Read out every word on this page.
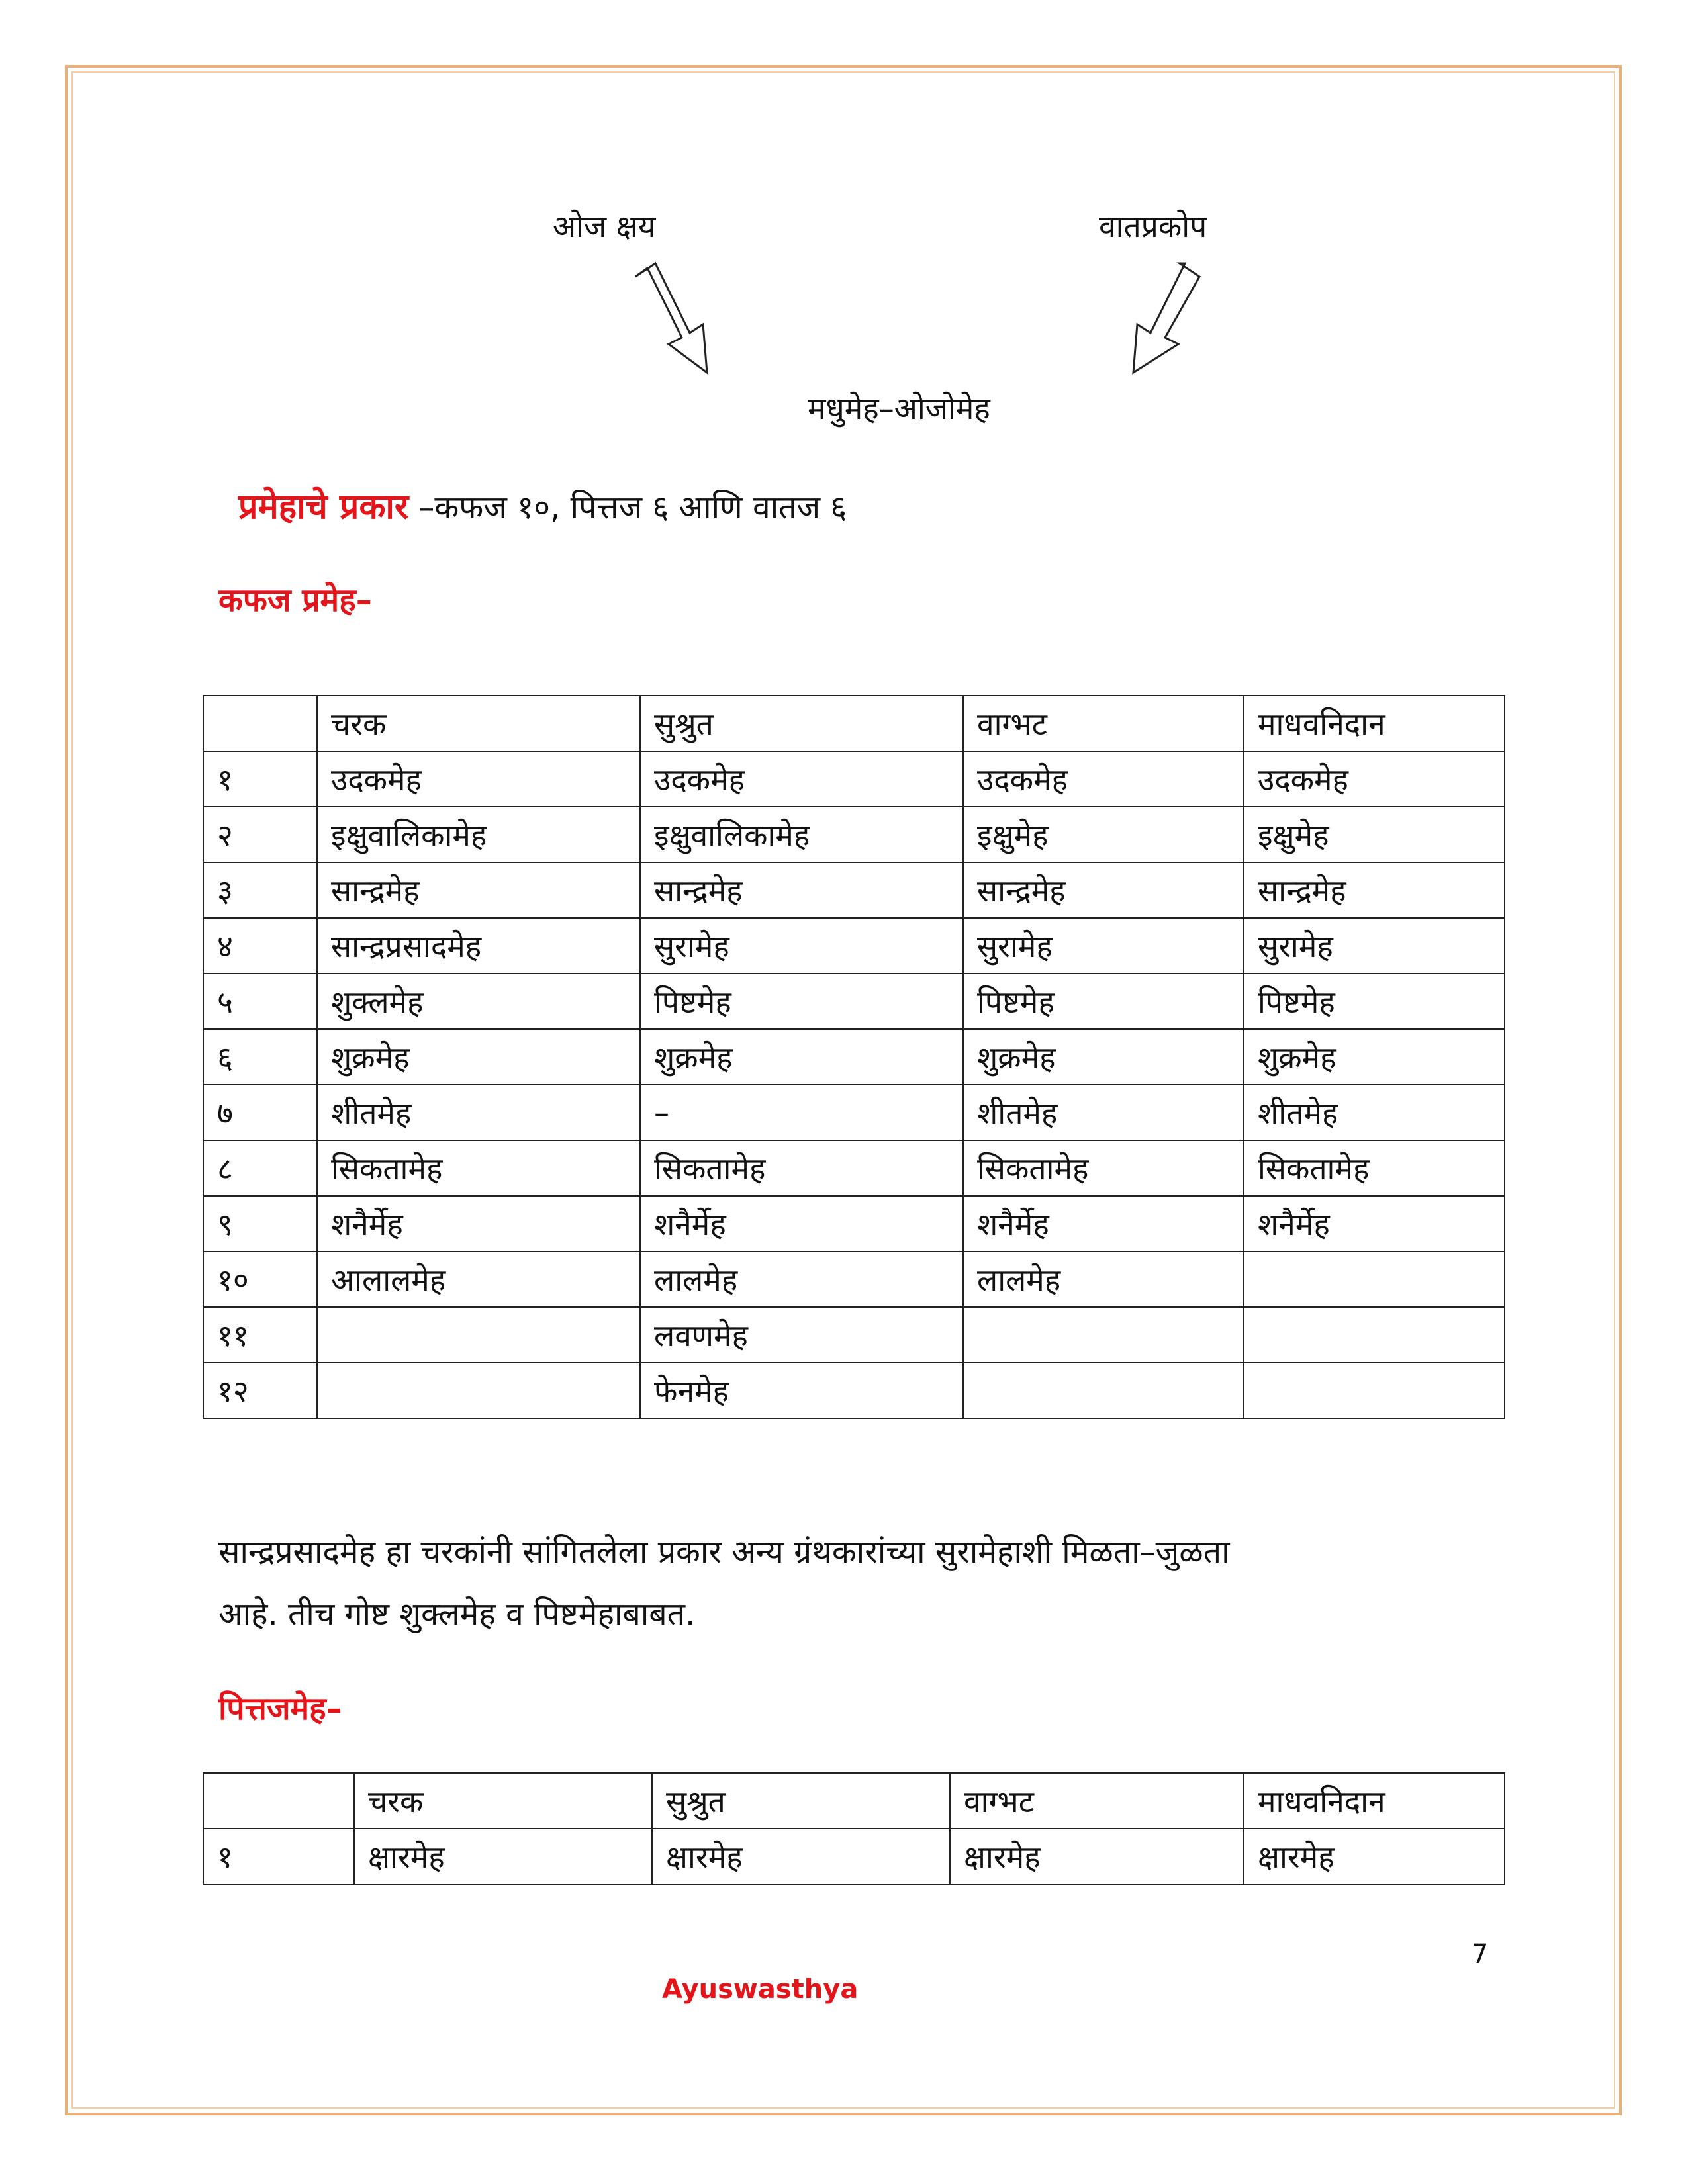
ओज क्षय	वातप्रकोप
मधुमेह–ओजोमेह
प्रमेहाचे प्रकार –कफज १०, पित्तज ६ आणि वातज ६
कफज प्रमेह–
	चरक	सुश्रुत	वाग्भट	माधवनिदान
१	उदकमेह	उदकमेह	उदकमेह	उदकमेह
२	इक्षुवालिकामेह	इक्षुवालिकामेह	इक्षुमेह	इक्षुमेह
३	सान्द्रमेह	सान्द्रमेह	सान्द्रमेह	सान्द्रमेह
४	सान्द्रप्रसादमेह	सुरामेह	सुरामेह	सुरामेह
५	शुक्लमेह	पिष्टमेह	पिष्टमेह	पिष्टमेह
६	शुक्रमेह	शुक्रमेह	शुक्रमेह	शुक्रमेह
७	शीतमेह	–	शीतमेह	शीतमेह
८	सिकतामेह	सिकतामेह	सिकतामेह	सिकतामेह
९	शनैर्मेह	शनैर्मेह	शनैर्मेह	शनैर्मेह
१०	आलालमेह	लालमेह	लालमेह	
११		लवणमेह		
१२		फेनमेह		
सान्द्रप्रसादमेह हा चरकांनी सांगितलेला प्रकार अन्य ग्रंथकारांच्या सुरामेहाशी मिळता–जुळता
आहे. तीच गोष्ट शुक्लमेह व पिष्टमेहाबाबत.
पित्तजमेह–
	चरक	सुश्रुत	वाग्भट	माधवनिदान
१	क्षारमेह	क्षारमेह	क्षारमेह	क्षारमेह
7
Ayuswasthya
